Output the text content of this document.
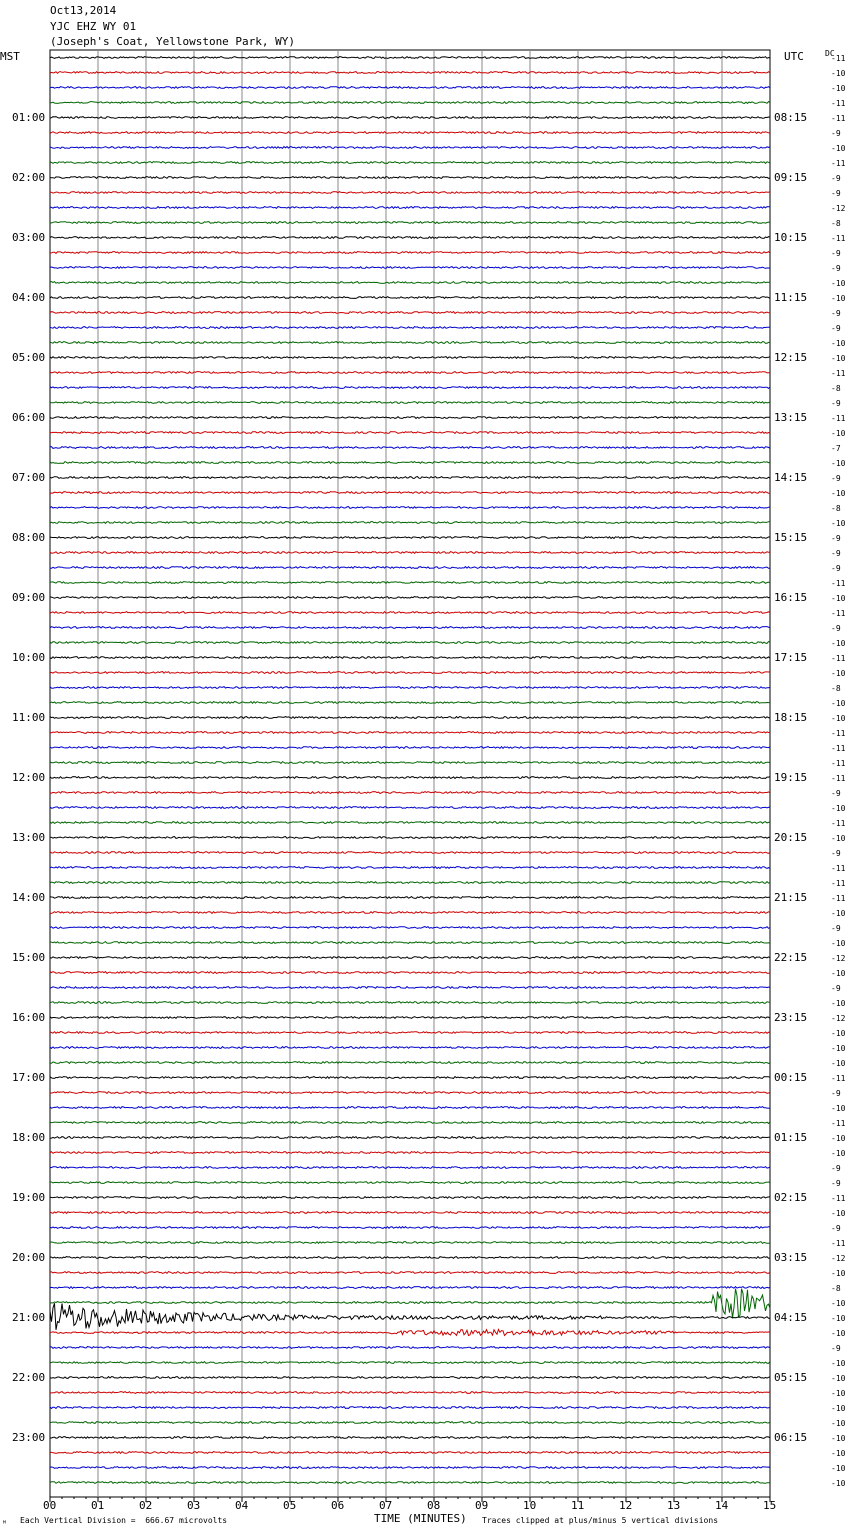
Oct13,2014
YJC EHZ WY 01
(Joseph's Coat, Yellowstone Park, WY)
MST	UTC	DC
01:00
02:00
03:00
04:00
05:00
06:00
07:00
08:00
09:00
10:00
11:00
12:00
13:00
14:00
15:00
16:00
17:00
18:00
19:00
20:00
21:00
22:00
23:00
08:15
09:15
10:15
11:15
12:15
13:15
14:15
15:15
16:15
17:15
18:15
19:15
20:15
21:15
22:15
23:15
00:15
01:15
02:15
03:15
04:15
05:15
06:15
-11
-10
-10
-11
-11
-9
-10
-11
-9
-9
-12
-8
-11
-9
-9
-10
-10
-9
-9
-10
-10
-11
-8
-9
-11
-10
-7
-10
-9
-10
-8
-10
-9
-9
-9
-11
-10
-11
-9
-10
-11
-10
-8
-10
-10
-11
-11
-11
-11
-9
-10
-11
-10
-9
-11
-11
-11
-10
-9
-10
-12
-10
-9
-10
-12
-10
-10
-10
-11
-9
-10
-11
-10
-10
-9
-9
-11
-10
-9
-11
-12
-10
-8
-10
-10
-10
-9
-10
-10
-10
-10
-10
-10
-10
-10
-10
00	01	02	03	04	05	06	07	08	09	10	11	12	13	14	15
TIME (MINUTES)
Each Vertical Division =  666.67 microvolts	Traces clipped at plus/minus 5 vertical divisions
ᴹ
